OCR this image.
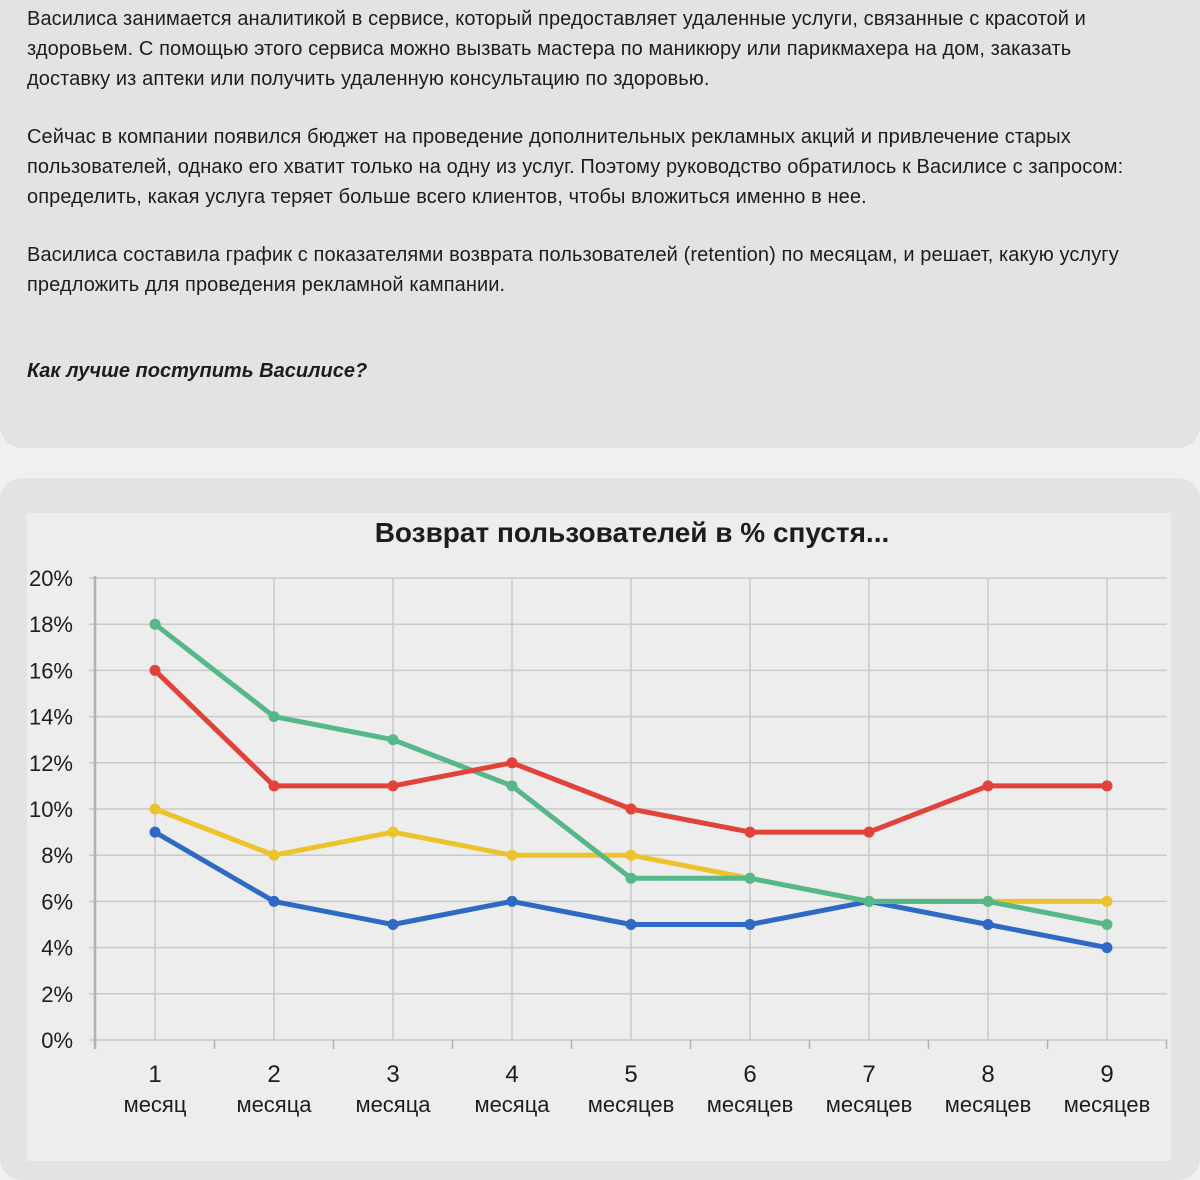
Василиса занимается аналитикой в сервисе, который предоставляет удаленные услуги, связанные с красотой и здоровьем. С помощью этого сервиса можно вызвать мастера по маникюру или парикмахера на дом, заказать доставку из аптеки или получить удаленную консультацию по здоровью.

Сейчас в компании появился бюджет на проведение дополнительных рекламных акций и привлечение старых пользователей, однако его хватит только на одну из услуг. Поэтому руководство обратилось к Василисе с запросом: определить, какая услуга теряет больше всего клиентов, чтобы вложиться именно в нее.

Василиса составила график с показателями возврата пользователей (retention) по месяцам, и решает, какую услугу предложить для проведения рекламной кампании.

Как лучше поступить Василисе?

Возврат пользователей в % спустя...
0%
2%
4%
6%
8%
10%
12%
14%
16%
18%
20%
1
месяц
2
месяца
3
месяца
4
месяца
5
месяцев
6
месяцев
7
месяцев
8
месяцев
9
месяцев
